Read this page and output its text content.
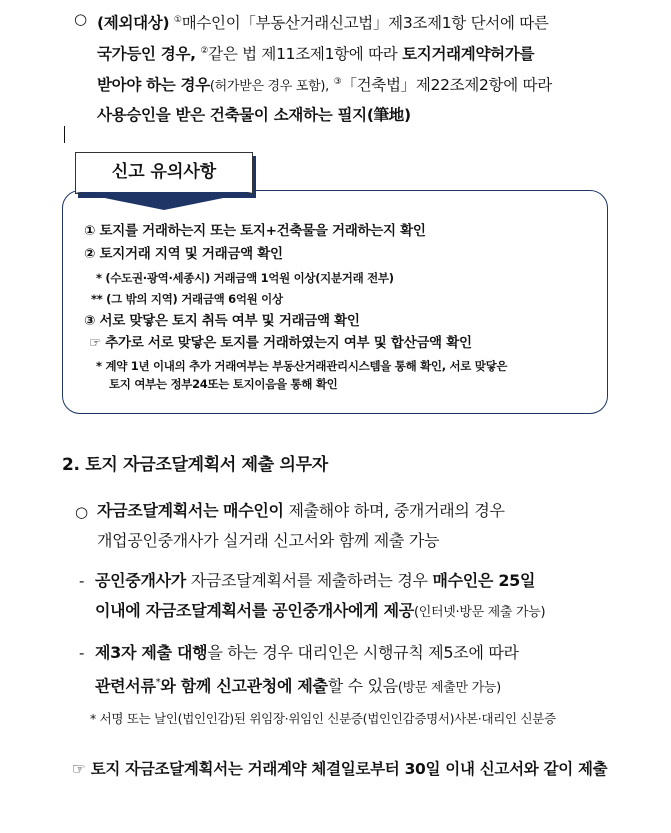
○ (제외대상) ①매수인이「부동산거래신고법」제3조제1항 단서에 따른
국가등인 경우, ②같은 법 제11조제1항에 따라 토지거래계약허가를
받아야 하는 경우(허가받은 경우 포함), ③「건축법」제22조제2항에 따라
사용승인을 받은 건축물이 소재하는 필지(筆地)
신고 유의사항
① 토지를 거래하는지 또는 토지+건축물을 거래하는지 확인
② 토지거래 지역 및 거래금액 확인
* (수도권·광역·세종시) 거래금액 1억원 이상(지분거래 전부)
** (그 밖의 지역) 거래금액 6억원 이상
③ 서로 맞닿은 토지 취득 여부 및 거래금액 확인
☞ 추가로 서로 맞닿은 토지를 거래하였는지 여부 및 합산금액 확인
* 계약 1년 이내의 추가 거래여부는 부동산거래관리시스템을 통해 확인, 서로 맞닿은
토지 여부는 정부24또는 토지이음을 통해 확인
2. 토지 자금조달계획서 제출 의무자
○ 자금조달계획서는 매수인이 제출해야 하며, 중개거래의 경우
개업공인중개사가 실거래 신고서와 함께 제출 가능
- 공인중개사가 자금조달계획서를 제출하려는 경우 매수인은 25일
이내에 자금조달계획서를 공인중개사에게 제공(인터넷·방문 제출 가능)
- 제3자 제출 대행을 하는 경우 대리인은 시행규칙 제5조에 따라
관련서류*와 함께 신고관청에 제출할 수 있음(방문 제출만 가능)
* 서명 또는 날인(법인인감)된 위임장·위임인 신분증(법인인감증명서)사본·대리인 신분증
☞ 토지 자금조달계획서는 거래계약 체결일로부터 30일 이내 신고서와 같이 제출
